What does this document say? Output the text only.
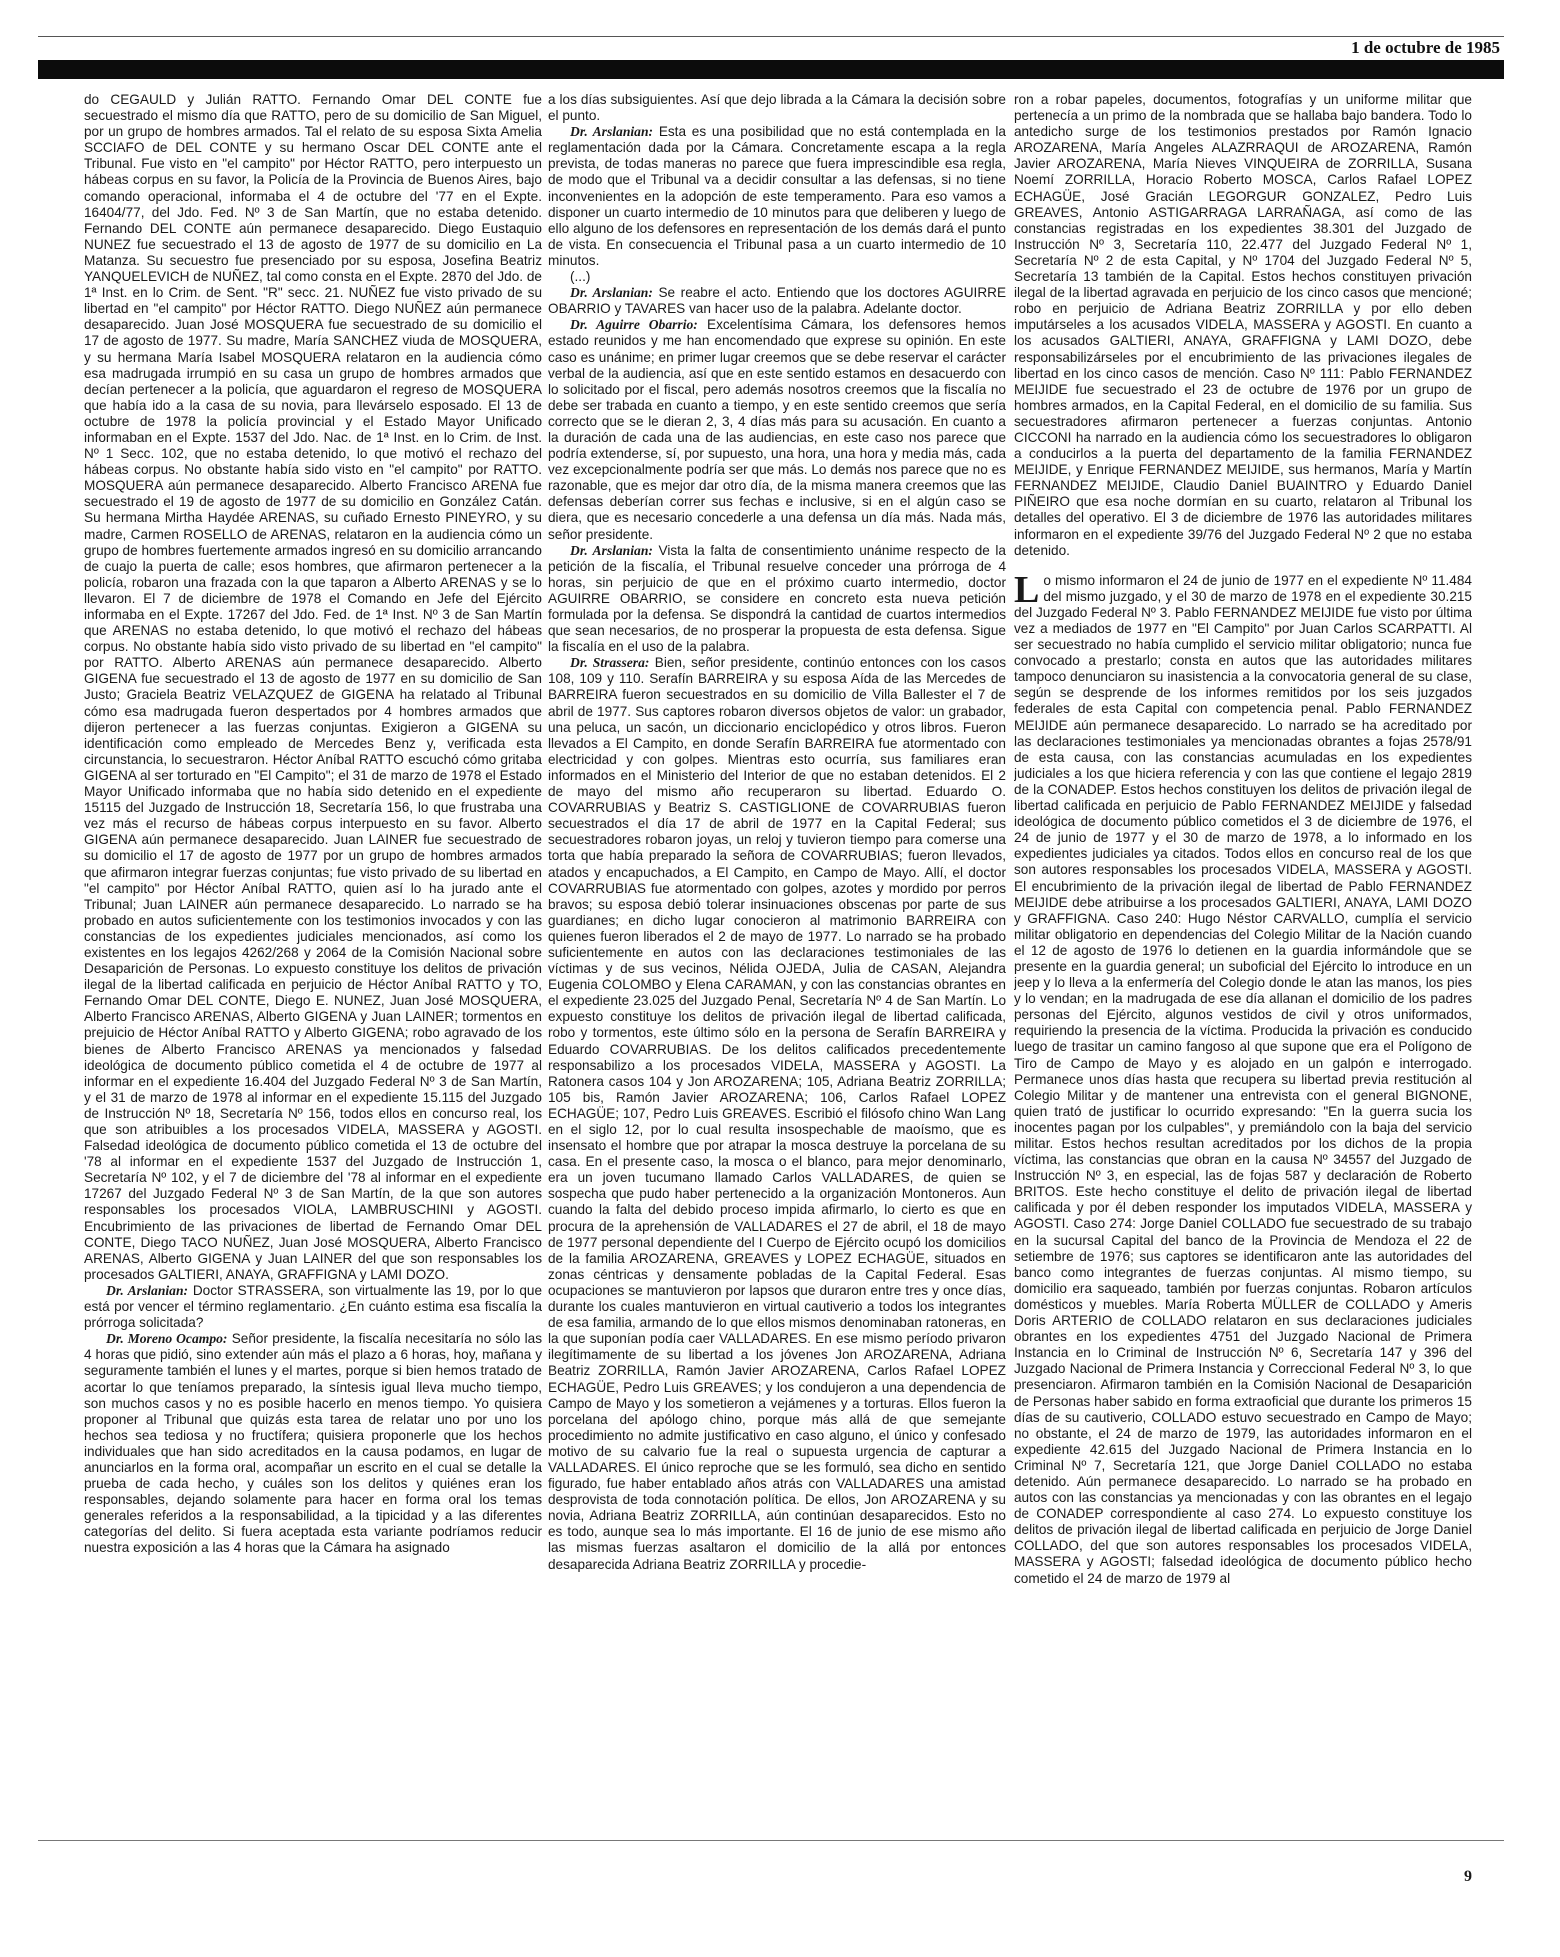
1 de octubre de 1985

do CEGAULD y Julián RATTO. Fernando Omar DEL CONTE fue secuestrado el mismo día que RATTO, pero de su domicilio de San Miguel, por un grupo de hombres armados. Tal el relato de su esposa Sixta Amelia SCCIAFO de DEL CONTE y su hermano Oscar DEL CONTE ante el Tribunal. Fue visto en "el campito" por Héctor RATTO, pero interpuesto un hábeas corpus en su favor, la Policía de la Provincia de Buenos Aires, bajo comando operacional, informaba el 4 de octubre del '77 en el Expte. 16404/77, del Jdo. Fed. Nº 3 de San Martín, que no estaba detenido. Fernando DEL CONTE aún permanece desaparecido. Diego Eustaquio NUNEZ fue secuestrado el 13 de agosto de 1977 de su domicilio en La Matanza. Su secuestro fue presenciado por su esposa, Josefina Beatriz YANQUELEVICH de NUÑEZ, tal como consta en el Expte. 2870 del Jdo. de 1ª Inst. en lo Crim. de Sent. "R" secc. 21. NUÑEZ fue visto privado de su libertad en "el campito" por Héctor RATTO. Diego NUÑEZ aún permanece desaparecido. Juan José MOSQUERA fue secuestrado de su domicilio el 17 de agosto de 1977. Su madre, María SANCHEZ viuda de MOSQUERA, y su hermana María Isabel MOSQUERA relataron en la audiencia cómo esa madrugada irrumpió en su casa un grupo de hombres armados que decían pertenecer a la policía, que aguardaron el regreso de MOSQUERA que había ido a la casa de su novia, para llevárselo esposado. El 13 de octubre de 1978 la policía provincial y el Estado Mayor Unificado informaban en el Expte. 1537 del Jdo. Nac. de 1ª Inst. en lo Crim. de Inst. Nº 1 Secc. 102, que no estaba detenido, lo que motivó el rechazo del hábeas corpus. No obstante había sido visto en "el campito" por RATTO. MOSQUERA aún permanece desaparecido. Alberto Francisco ARENA fue secuestrado el 19 de agosto de 1977 de su domicilio en González Catán. Su hermana Mirtha Haydée ARENAS, su cuñado Ernesto PINEYRO, y su madre, Carmen ROSELLO de ARENAS, relataron en la audiencia cómo un grupo de hombres fuertemente armados ingresó en su domicilio arrancando de cuajo la puerta de calle; esos hombres, que afirmaron pertenecer a la policía, robaron una frazada con la que taparon a Alberto ARENAS y se lo llevaron. El 7 de diciembre de 1978 el Comando en Jefe del Ejército informaba en el Expte. 17267 del Jdo. Fed. de 1ª Inst. Nº 3 de San Martín que ARENAS no estaba detenido, lo que motivó el rechazo del hábeas corpus. No obstante había sido visto privado de su libertad en "el campito" por RATTO. Alberto ARENAS aún permanece desaparecido. Alberto GIGENA fue secuestrado el 13 de agosto de 1977 en su domicilio de San Justo; Graciela Beatriz VELAZQUEZ de GIGENA ha relatado al Tribunal cómo esa madrugada fueron despertados por 4 hombres armados que dijeron pertenecer a las fuerzas conjuntas. Exigieron a GIGENA su identificación como empleado de Mercedes Benz y, verificada esta circunstancia, lo secuestraron. Héctor Aníbal RATTO escuchó cómo gritaba GIGENA al ser torturado en "El Campito"; el 31 de marzo de 1978 el Estado Mayor Unificado informaba que no había sido detenido en el expediente 15115 del Juzgado de Instrucción 18, Secretaría 156, lo que frustraba una vez más el recurso de hábeas corpus interpuesto en su favor. Alberto GIGENA aún permanece desaparecido. Juan LAINER fue secuestrado de su domicilio el 17 de agosto de 1977 por un grupo de hombres armados que afirmaron integrar fuerzas conjuntas; fue visto privado de su libertad en "el campito" por Héctor Aníbal RATTO, quien así lo ha jurado ante el Tribunal; Juan LAINER aún permanece desaparecido. Lo narrado se ha probado en autos suficientemente con los testimonios invocados y con las constancias de los expedientes judiciales mencionados, así como los existentes en los legajos 4262/268 y 2064 de la Comisión Nacional sobre Desaparición de Personas. Lo expuesto constituye los delitos de privación ilegal de la libertad calificada en perjuicio de Héctor Aníbal RATTO y TO, Fernando Omar DEL CONTE, Diego E. NUNEZ, Juan José MOSQUERA, Alberto Francisco ARENAS, Alberto GIGENA y Juan LAINER; tormentos en prejuicio de Héctor Aníbal RATTO y Alberto GIGENA; robo agravado de los bienes de Alberto Francisco ARENAS ya mencionados y falsedad ideológica de documento público cometida el 4 de octubre de 1977 al informar en el expediente 16.404 del Juzgado Federal Nº 3 de San Martín, y el 31 de marzo de 1978 al informar en el expediente 15.115 del Juzgado de Instrucción Nº 18, Secretaría Nº 156, todos ellos en concurso real, los que son atribuibles a los procesados VIDELA, MASSERA y AGOSTI. Falsedad ideológica de documento público cometida el 13 de octubre del '78 al informar en el expediente 1537 del Juzgado de Instrucción 1, Secretaría Nº 102, y el 7 de diciembre del '78 al informar en el expediente 17267 del Juzgado Federal Nº 3 de San Martín, de la que son autores responsables los procesados VIOLA, LAMBRUSCHINI y AGOSTI. Encubrimiento de las privaciones de libertad de Fernando Omar DEL CONTE, Diego TACO NUÑEZ, Juan José MOSQUERA, Alberto Francisco ARENAS, Alberto GIGENA y Juan LAINER del que son responsables los procesados GALTIERI, ANAYA, GRAFFIGNA y LAMI DOZO.

Dr. Arslanian: Doctor STRASSERA, son virtualmente las 19, por lo que está por vencer el término reglamentario. ¿En cuánto estima esa fiscalía la prórroga solicitada?

Dr. Moreno Ocampo: Señor presidente, la fiscalía necesitaría no sólo las 4 horas que pidió, sino extender aún más el plazo a 6 horas, hoy, mañana y seguramente también el lunes y el martes, porque si bien hemos tratado de acortar lo que teníamos preparado, la síntesis igual lleva mucho tiempo, son muchos casos y no es posible hacerlo en menos tiempo. Yo quisiera proponer al Tribunal que quizás esta tarea de relatar uno por uno los hechos sea tediosa y no fructífera; quisiera proponerle que los hechos individuales que han sido acreditados en la causa podamos, en lugar de anunciarlos en la forma oral, acompañar un escrito en el cual se detalle la prueba de cada hecho, y cuáles son los delitos y quiénes eran los responsables, dejando solamente para hacer en forma oral los temas generales referidos a la responsabilidad, a la tipicidad y a las diferentes categorías del delito. Si fuera aceptada esta variante podríamos reducir nuestra exposición a las 4 horas que la Cámara ha asignado

a los días subsiguientes. Así que dejo librada a la Cámara la decisión sobre el punto.

Dr. Arslanian: Esta es una posibilidad que no está contemplada en la reglamentación dada por la Cámara. Concretamente escapa a la regla prevista, de todas maneras no parece que fuera imprescindible esa regla, de modo que el Tribunal va a decidir consultar a las defensas, si no tiene inconvenientes en la adopción de este temperamento. Para eso vamos a disponer un cuarto intermedio de 10 minutos para que deliberen y luego de ello alguno de los defensores en representación de los demás dará el punto de vista. En consecuencia el Tribunal pasa a un cuarto intermedio de 10 minutos.

(...)

Dr. Arslanian: Se reabre el acto. Entiendo que los doctores AGUIRRE OBARRIO y TAVARES van hacer uso de la palabra. Adelante doctor.

Dr. Aguirre Obarrio: Excelentísima Cámara, los defensores hemos estado reunidos y me han encomendado que exprese su opinión. En este caso es unánime; en primer lugar creemos que se debe reservar el carácter verbal de la audiencia, así que en este sentido estamos en desacuerdo con lo solicitado por el fiscal, pero además nosotros creemos que la fiscalía no debe ser trabada en cuanto a tiempo, y en este sentido creemos que sería correcto que se le dieran 2, 3, 4 días más para su acusación. En cuanto a la duración de cada una de las audiencias, en este caso nos parece que podría extenderse, sí, por supuesto, una hora, una hora y media más, cada vez excepcionalmente podría ser que más. Lo demás nos parece que no es razonable, que es mejor dar otro día, de la misma manera creemos que las defensas deberían correr sus fechas e inclusive, si en el algún caso se diera, que es necesario concederle a una defensa un día más. Nada más, señor presidente.

Dr. Arslanian: Vista la falta de consentimiento unánime respecto de la petición de la fiscalía, el Tribunal resuelve conceder una prórroga de 4 horas, sin perjuicio de que en el próximo cuarto intermedio, doctor AGUIRRE OBARRIO, se considere en concreto esta nueva petición formulada por la defensa. Se dispondrá la cantidad de cuartos intermedios que sean necesarios, de no prosperar la propuesta de esta defensa. Sigue la fiscalía en el uso de la palabra.

Dr. Strassera: Bien, señor presidente, continúo entonces con los casos 108, 109 y 110. Serafín BARREIRA y su esposa Aída de las Mercedes de BARREIRA fueron secuestrados en su domicilio de Villa Ballester el 7 de abril de 1977. Sus captores robaron diversos objetos de valor: un grabador, una peluca, un sacón, un diccionario enciclopédico y otros libros. Fueron llevados a El Campito, en donde Serafín BARREIRA fue atormentado con electricidad y con golpes. Mientras esto ocurría, sus familiares eran informados en el Ministerio del Interior de que no estaban detenidos. El 2 de mayo del mismo año recuperaron su libertad. Eduardo O. COVARRUBIAS y Beatriz S. CASTIGLIONE de COVARRUBIAS fueron secuestrados el día 17 de abril de 1977 en la Capital Federal; sus secuestradores robaron joyas, un reloj y tuvieron tiempo para comerse una torta que había preparado la señora de COVARRUBIAS; fueron llevados, atados y encapuchados, a El Campito, en Campo de Mayo. Allí, el doctor COVARRUBIAS fue atormentado con golpes, azotes y mordido por perros bravos; su esposa debió tolerar insinuaciones obscenas por parte de sus guardianes; en dicho lugar conocieron al matrimonio BARREIRA con quienes fueron liberados el 2 de mayo de 1977. Lo narrado se ha probado suficientemente en autos con las declaraciones testimoniales de las víctimas y de sus vecinos, Nélida OJEDA, Julia de CASAN, Alejandra Eugenia COLOMBO y Elena CARAMAN, y con las constancias obrantes en el expediente 23.025 del Juzgado Penal, Secretaría Nº 4 de San Martín. Lo expuesto constituye los delitos de privación ilegal de libertad calificada, robo y tormentos, este último sólo en la persona de Serafín BARREIRA y Eduardo COVARRUBIAS. De los delitos calificados precedentemente responsabilizo a los procesados VIDELA, MASSERA y AGOSTI. La Ratonera casos 104 y Jon AROZARENA; 105, Adriana Beatriz ZORRILLA; 105 bis, Ramón Javier AROZARENA; 106, Carlos Rafael LOPEZ ECHAGÜE; 107, Pedro Luis GREAVES. Escribió el filósofo chino Wan Lang en el siglo 12, por lo cual resulta insospechable de maoísmo, que es insensato el hombre que por atrapar la mosca destruye la porcelana de su casa. En el presente caso, la mosca o el blanco, para mejor denominarlo, era un joven tucumano llamado Carlos VALLADARES, de quien se sospecha que pudo haber pertenecido a la organización Montoneros. Aun cuando la falta del debido proceso impida afirmarlo, lo cierto es que en procura de la aprehensión de VALLADARES el 27 de abril, el 18 de mayo de 1977 personal dependiente del I Cuerpo de Ejército ocupó los domicilios de la familia AROZARENA, GREAVES y LOPEZ ECHAGÜE, situados en zonas céntricas y densamente pobladas de la Capital Federal. Esas ocupaciones se mantuvieron por lapsos que duraron entre tres y once días, durante los cuales mantuvieron en virtual cautiverio a todos los integrantes de esa familia, armando de lo que ellos mismos denominaban ratoneras, en la que suponían podía caer VALLADARES. En ese mismo período privaron ilegítimamente de su libertad a los jóvenes Jon AROZARENA, Adriana Beatriz ZORRILLA, Ramón Javier AROZARENA, Carlos Rafael LOPEZ ECHAGÜE, Pedro Luis GREAVES; y los condujeron a una dependencia de Campo de Mayo y los sometieron a vejámenes y a torturas. Ellos fueron la porcelana del apólogo chino, porque más allá de que semejante procedimiento no admite justificativo en caso alguno, el único y confesado motivo de su calvario fue la real o supuesta urgencia de capturar a VALLADARES. El único reproche que se les formuló, sea dicho en sentido figurado, fue haber entablado años atrás con VALLADARES una amistad desprovista de toda connotación política. De ellos, Jon AROZARENA y su novia, Adriana Beatriz ZORRILLA, aún continúan desaparecidos. Esto no es todo, aunque sea lo más importante. El 16 de junio de ese mismo año las mismas fuerzas asaltaron el domicilio de la allá por entonces desaparecida Adriana Beatriz ZORRILLA y procedie-

ron a robar papeles, documentos, fotografías y un uniforme militar que pertenecía a un primo de la nombrada que se hallaba bajo bandera. Todo lo antedicho surge de los testimonios prestados por Ramón Ignacio AROZARENA, María Angeles ALAZRRAQUI de AROZARENA, Ramón Javier AROZARENA, María Nieves VINQUEIRA de ZORRILLA, Susana Noemí ZORRILLA, Horacio Roberto MOSCA, Carlos Rafael LOPEZ ECHAGÜE, José Gracián LEGORGUR GONZALEZ, Pedro Luis GREAVES, Antonio ASTIGARRAGA LARRAÑAGA, así como de las constancias registradas en los expedientes 38.301 del Juzgado de Instrucción Nº 3, Secretaría 110, 22.477 del Juzgado Federal Nº 1, Secretaría Nº 2 de esta Capital, y Nº 1704 del Juzgado Federal Nº 5, Secretaría 13 también de la Capital. Estos hechos constituyen privación ilegal de la libertad agravada en perjuicio de los cinco casos que mencioné; robo en perjuicio de Adriana Beatriz ZORRILLA y por ello deben imputárseles a los acusados VIDELA, MASSERA y AGOSTI. En cuanto a los acusados GALTIERI, ANAYA, GRAFFIGNA y LAMI DOZO, debe responsabilizárseles por el encubrimiento de las privaciones ilegales de libertad en los cinco casos de mención. Caso Nº 111: Pablo FERNANDEZ MEIJIDE fue secuestrado el 23 de octubre de 1976 por un grupo de hombres armados, en la Capital Federal, en el domicilio de su familia. Sus secuestradores afirmaron pertenecer a fuerzas conjuntas. Antonio CICCONI ha narrado en la audiencia cómo los secuestradores lo obligaron a conducirlos a la puerta del departamento de la familia FERNANDEZ MEIJIDE, y Enrique FERNANDEZ MEIJIDE, sus hermanos, María y Martín FERNANDEZ MEIJIDE, Claudio Daniel BUAINTRO y Eduardo Daniel PIÑEIRO que esa noche dormían en su cuarto, relataron al Tribunal los detalles del operativo. El 3 de diciembre de 1976 las autoridades militares informaron en el expediente 39/76 del Juzgado Federal Nº 2 que no estaba detenido.

Lo mismo informaron el 24 de junio de 1977 en el expediente Nº 11.484 del mismo juzgado, y el 30 de marzo de 1978 en el expediente 30.215 del Juzgado Federal Nº 3. Pablo FERNANDEZ MEIJIDE fue visto por última vez a mediados de 1977 en "El Campito" por Juan Carlos SCARPATTI. Al ser secuestrado no había cumplido el servicio militar obligatorio; nunca fue convocado a prestarlo; consta en autos que las autoridades militares tampoco denunciaron su inasistencia a la convocatoria general de su clase, según se desprende de los informes remitidos por los seis juzgados federales de esta Capital con competencia penal. Pablo FERNANDEZ MEIJIDE aún permanece desaparecido. Lo narrado se ha acreditado por las declaraciones testimoniales ya mencionadas obrantes a fojas 2578/91 de esta causa, con las constancias acumuladas en los expedientes judiciales a los que hiciera referencia y con las que contiene el legajo 2819 de la CONADEP. Estos hechos constituyen los delitos de privación ilegal de libertad calificada en perjuicio de Pablo FERNANDEZ MEIJIDE y falsedad ideológica de documento público cometidos el 3 de diciembre de 1976, el 24 de junio de 1977 y el 30 de marzo de 1978, a lo informado en los expedientes judiciales ya citados. Todos ellos en concurso real de los que son autores responsables los procesados VIDELA, MASSERA y AGOSTI. El encubrimiento de la privación ilegal de libertad de Pablo FERNANDEZ MEIJIDE debe atribuirse a los procesados GALTIERI, ANAYA, LAMI DOZO y GRAFFIGNA. Caso 240: Hugo Néstor CARVALLO, cumplía el servicio militar obligatorio en dependencias del Colegio Militar de la Nación cuando el 12 de agosto de 1976 lo detienen en la guardia informándole que se presente en la guardia general; un suboficial del Ejército lo introduce en un jeep y lo lleva a la enfermería del Colegio donde le atan las manos, los pies y lo vendan; en la madrugada de ese día allanan el domicilio de los padres personas del Ejército, algunos vestidos de civil y otros uniformados, requiriendo la presencia de la víctima. Producida la privación es conducido luego de trasitar un camino fangoso al que supone que era el Polígono de Tiro de Campo de Mayo y es alojado en un galpón e interrogado. Permanece unos días hasta que recupera su libertad previa restitución al Colegio Militar y de mantener una entrevista con el general BIGNONE, quien trató de justificar lo ocurrido expresando: "En la guerra sucia los inocentes pagan por los culpables", y premiándolo con la baja del servicio militar. Estos hechos resultan acreditados por los dichos de la propia víctima, las constancias que obran en la causa Nº 34557 del Juzgado de Instrucción Nº 3, en especial, las de fojas 587 y declaración de Roberto BRITOS. Este hecho constituye el delito de privación ilegal de libertad calificada y por él deben responder los imputados VIDELA, MASSERA y AGOSTI. Caso 274: Jorge Daniel COLLADO fue secuestrado de su trabajo en la sucursal Capital del banco de la Provincia de Mendoza el 22 de setiembre de 1976; sus captores se identificaron ante las autoridades del banco como integrantes de fuerzas conjuntas. Al mismo tiempo, su domicilio era saqueado, también por fuerzas conjuntas. Robaron artículos domésticos y muebles. María Roberta MÜLLER de COLLADO y Ameris Doris ARTERIO de COLLADO relataron en sus declaraciones judiciales obrantes en los expedientes 4751 del Juzgado Nacional de Primera Instancia en lo Criminal de Instrucción Nº 6, Secretaría 147 y 396 del Juzgado Nacional de Primera Instancia y Correccional Federal Nº 3, lo que presenciaron. Afirmaron también en la Comisión Nacional de Desaparición de Personas haber sabido en forma extraoficial que durante los primeros 15 días de su cautiverio, COLLADO estuvo secuestrado en Campo de Mayo; no obstante, el 24 de marzo de 1979, las autoridades informaron en el expediente 42.615 del Juzgado Nacional de Primera Instancia en lo Criminal Nº 7, Secretaría 121, que Jorge Daniel COLLADO no estaba detenido. Aún permanece desaparecido. Lo narrado se ha probado en autos con las constancias ya mencionadas y con las obrantes en el legajo de CONADEP correspondiente al caso 274. Lo expuesto constituye los delitos de privación ilegal de libertad calificada en perjuicio de Jorge Daniel COLLADO, del que son autores responsables los procesados VIDELA, MASSERA y AGOSTI; falsedad ideológica de documento público hecho cometido el 24 de marzo de 1979 al

9
